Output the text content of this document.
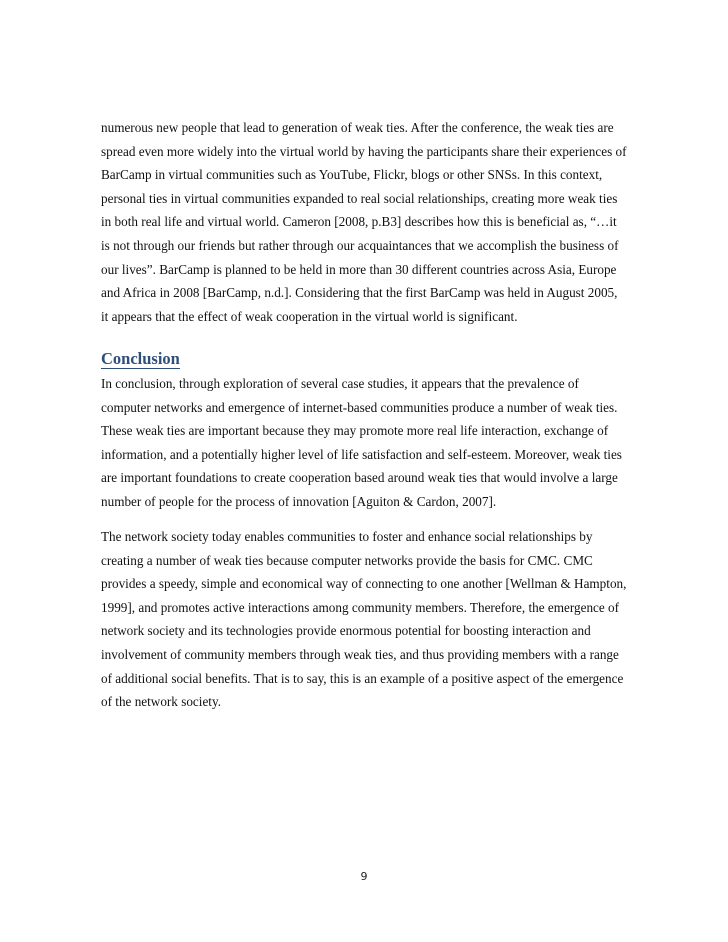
numerous new people that lead to generation of weak ties. After the conference, the weak ties are
spread even more widely into the virtual world by having the participants share their experiences of
BarCamp in virtual communities such as YouTube, Flickr, blogs or other SNSs. In this context,
personal ties in virtual communities expanded to real social relationships, creating more weak ties
in both real life and virtual world. Cameron [2008, p.B3] describes how this is beneficial as, “…it
is not through our friends but rather through our acquaintances that we accomplish the business of
our lives”. BarCamp is planned to be held in more than 30 different countries across Asia, Europe
and Africa in 2008 [BarCamp, n.d.]. Considering that the first BarCamp was held in August 2005,
it appears that the effect of weak cooperation in the virtual world is significant.

Conclusion

In conclusion, through exploration of several case studies, it appears that the prevalence of
computer networks and emergence of internet-based communities produce a number of weak ties.
These weak ties are important because they may promote more real life interaction, exchange of
information, and a potentially higher level of life satisfaction and self-esteem. Moreover, weak ties
are important foundations to create cooperation based around weak ties that would involve a large
number of people for the process of innovation [Aguiton & Cardon, 2007].

The network society today enables communities to foster and enhance social relationships by
creating a number of weak ties because computer networks provide the basis for CMC. CMC
provides a speedy, simple and economical way of connecting to one another [Wellman & Hampton,
1999], and promotes active interactions among community members. Therefore, the emergence of
network society and its technologies provide enormous potential for boosting interaction and
involvement of community members through weak ties, and thus providing members with a range
of additional social benefits. That is to say, this is an example of a positive aspect of the emergence
of the network society.

9
